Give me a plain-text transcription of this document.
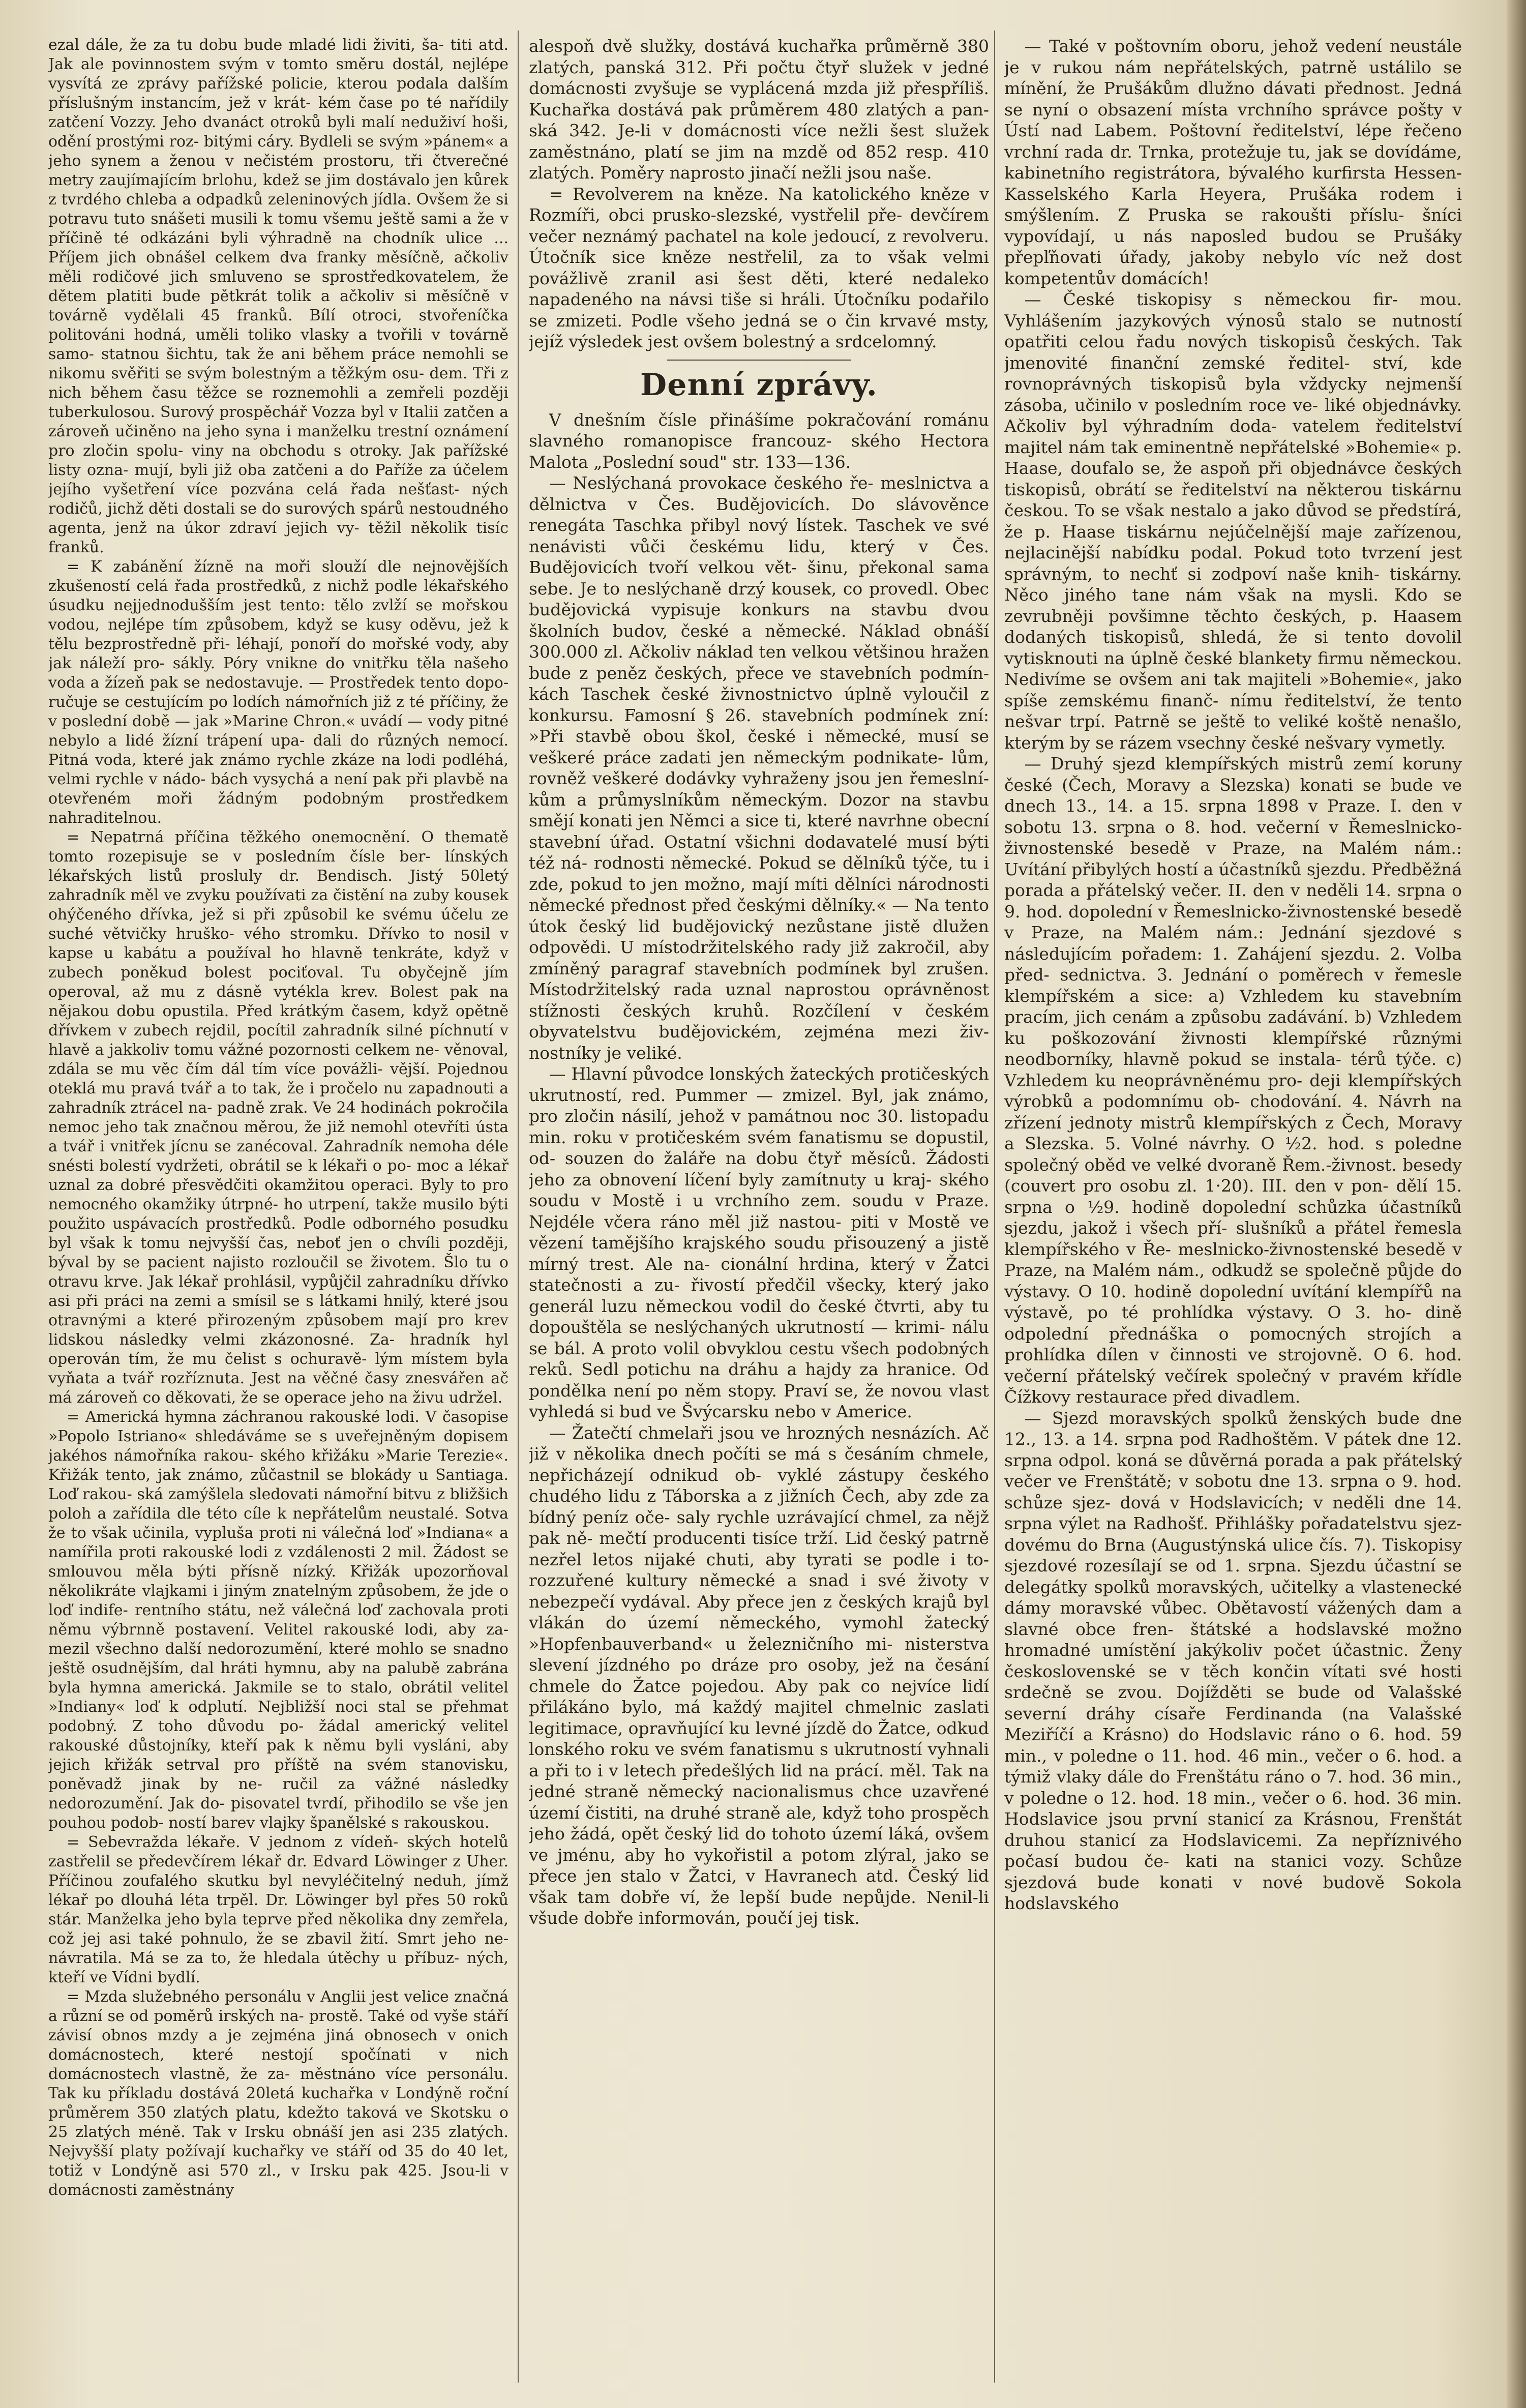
ezal dále, že za tu dobu bude mladé lidi živiti, ša- titi atd. Jak ale povinnostem svým v tomto směru dostál, nejlépe vysvítá ze zprávy pařížské policie, kterou podala dalším příslušným instancím, jež v krát- kém čase po té nařídily zatčení Vozzy. Jeho dvanáct otroků byli malí neduživí hoši, odění prostými roz- bitými cáry. Bydleli se svým »pánem« a jeho synem a ženou v nečistém prostoru, tři čtverečné metry zaujímajícím brlohu, kdež se jim dostávalo jen kůrek z tvrdého chleba a odpadků zeleninových jídla. Ovšem že si potravu tuto snášeti musili k tomu všemu ještě sami a že v příčině té odkázáni byli výhradně na chodník ulice ... Příjem jich obnášel celkem dva franky měsíčně, ačkoliv měli rodičové jich smluveno se sprostředkovatelem, že dětem platiti bude pětkrát tolik a ačkoliv si měsíčně v továrně vydělali 45 franků. Bílí otroci, stvořeníčka politováni hodná, uměli toliko vlasky a tvořili v továrně samo- statnou šichtu, tak že ani během práce nemohli se nikomu svěřiti se svým bolestným a těžkým osu- dem. Tři z nich během času těžce se roznemohli a zemřeli později tuberkulosou. Surový prospěchář Vozza byl v Italii zatčen a zároveň učiněno na jeho syna i manželku trestní oznámení pro zločin spolu- viny na obchodu s otroky. Jak pařížské listy ozna- mují, byli již oba zatčeni a do Paříže za účelem jejího vyšetření více pozvána celá řada nešťast- ných rodičů, jichž děti dostali se do surových spárů nestoudného agenta, jenž na úkor zdraví jejich vy- těžil několik tisíc franků.

= K zabánění žíznĕ na moři slouží dle nejnovějších zkušeností celá řada prostředků, z nichž podle lékařského úsudku nejjednodušším jest tento: tělo zvlží se mořskou vodou, nejlépe tím způsobem, když se kusy oděvu, jež k tělu bezprostředně při- léhají, ponoří do mořské vody, aby jak náleží pro- sákly. Póry vnikne do vnitřku těla našeho voda a žízeň pak se nedostavuje. — Prostředek tento dopo- ručuje se cestujícím po lodích námořních již z té příčiny, že v poslední době — jak »Marine Chron.« uvádí — vody pitné nebylo a lidé žízní trápení upa- dali do různých nemocí. Pitná voda, které jak známo rychle zkáze na lodi podléhá, velmi rychle v nádo- bách vysychá a není pak při plavbě na otevřeném moři žádným podobným prostředkem nahraditelnou.

= Nepatrná příčina těžkého onemocnění. O thematě tomto rozepisuje se v posledním čísle ber- línských lékařských listů prosluly dr. Bendisch. Jistý 50letý zahradník měl ve zvyku používati za čistění na zuby kousek ohýčeného dřívka, jež si při způsobil ke svému účelu ze suché větvičky hruško- vého stromku. Dřívko to nosil v kapse u kabátu a používal ho hlavně tenkráte, když v zubech poněkud bolest pociťoval. Tu obyčejně jím operoval, až mu z dásně vytékla krev. Bolest pak na nějakou dobu opustila. Před krátkým časem, když opětně dřívkem v zubech rejdil, pocítil zahradník silné píchnutí v hlavě a jakkoliv tomu vážné pozornosti celkem ne- věnoval, zdála se mu věc čím dál tím více povážli- vější. Pojednou oteklá mu pravá tvář a to tak, že i pročelo nu zapadnouti a zahradník ztrácel na- padně zrak. Ve 24 hodinách pokročila nemoc jeho tak značnou měrou, že již nemohl otevříti ústa a tvář i vnitřek jícnu se zanécoval. Zahradník nemoha déle snésti bolestí vydržeti, obrátil se k lékaři o po- moc a lékař uznal za dobré přesvědčiti okamžitou operaci. Byly to pro nemocného okamžiky útrpné- ho utrpení, takže musilo býti použito uspávacích prostředků. Podle odborného posudku byl však k tomu nejvyšší čas, neboť jen o chvíli později, býval by se pacient najisto rozloučil se životem. Šlo tu o otravu krve. Jak lékař prohlásil, vypůjčil zahradníku dřívko asi při práci na zemi a smísil se s látkami hnilý, které jsou otravnými a které přirozeným způsobem mají pro krev lidskou následky velmi zkázonosné. Za- hradník hyl operován tím, že mu čelist s ochuravě- lým místem byla vyňata a tvář rozříznuta. Jest na věčné časy znesvářen ač má zároveň co děkovati, že se operace jeho na živu udržel.

= Americká hymna záchranou rakouské lodi. V časopise »Popolo Istriano« shledáváme se s uveřejněným dopisem jakéhos námořníka rakou- ského křižáku »Marie Terezie«. Křižák tento, jak známo, zůčastnil se blokády u Santiaga. Loď rakou- ská zamýšlela sledovati námořní bitvu z bližšich poloh a zařídila dle této cíle k nepřátelům neustalé. Sotva že to však učinila, vypluša proti ni válečná loď »Indiana« a namířila proti rakouské lodi z vzdálenosti 2 mil. Žádost se smlouvou měla býti přísně nízký. Křižák upozorňoval několikráte vlajkami i jiným znatelným způsobem, že jde o loď indife- rentního státu, než válečná loď zachovala proti němu výbrnně postavení. Velitel rakouské lodi, aby za- mezil všechno další nedorozumění, které mohlo se snadno ještě osudnějším, dal hráti hymnu, aby na palubě zabrána byla hymna americká. Jakmile se to stalo, obrátil velitel »Indiany« loď k odplutí. Nejbližší noci stal se přehmat podobný. Z toho důvodu po- žádal americký velitel rakouské důstojníky, kteří pak k němu byli vysláni, aby jejich křižák setrval pro příště na svém stanovisku, poněvadž jinak by ne- ručil za vážné následky nedorozumění. Jak do- pisovatel tvrdí, přihodilo se vše jen pouhou podob- ností barev vlajky španělské s rakouskou.

= Sebevražda lékaře. V jednom z vídeň- ských hotelů zastřelil se předevčírem lékař dr. Edvard Löwinger z Uher. Příčinou zoufalého skutku byl nevyléčitelný neduh, jímž lékař po dlouhá léta trpěl. Dr. Löwinger byl přes 50 roků stár. Manželka jeho byla teprve před několika dny zemřela, což jej asi také pohnulo, že se zbavil žití. Smrt jeho ne- návratila. Má se za to, že hledala útěchy u příbuz- ných, kteří ve Vídni bydlí.

= Mzda služebného personálu v Anglii jest velice značná a různí se od poměrů irských na- prostě. Také od vyše stáří závisí obnos mzdy a je zejména jiná obnosech v onich domácnostech, které nestojí spočínati v nich domácnostech vlastně, že za- městnáno více personálu. Tak ku příkladu dostává 20letá kuchařka v Londýně roční průměrem 350 zlatých platu, kdežto taková ve Skotsku o 25 zlatých méně. Tak v Irsku obnáší jen asi 235 zlatých. Nejvyšší platy požívají kuchařky ve stáří od 35 do 40 let, totiž v Londýně asi 570 zl., v Irsku pak 425. Jsou-li v domácnosti zaměstnány

alespoň dvě služky, dostává kuchařka průměrně 380 zlatých, panská 312. Při počtu čtyř služek v jedné domácnosti zvyšuje se vyplácená mzda již přespříliš. Kuchařka dostává pak průměrem 480 zlatých a pan- ská 342. Je-li v domácnosti více nežli šest služek zaměstnáno, platí se jim na mzdě od 852 resp. 410 zlatých. Poměry naprosto jinačí nežli jsou naše.

= Revolverem na kněze. Na katolického kněze v Rozmíři, obci prusko-slezské, vystřelil pře- devčírem večer neznámý pachatel na kole jedoucí, z revolveru. Útočník sice kněze nestřelil, za to však velmi povážlivě zranil asi šest děti, které nedaleko napadeného na návsi tiše si hráli. Útočníku podařilo se zmizeti. Podle všeho jedná se o čin krvavé msty, jejíž výsledek jest ovšem bolestný a srdcelomný.

Denní zprávy.

V dnešním čísle přinášíme pokračování románu slavného romanopisce francouz- ského Hectora Malota „Poslední soud" str. 133—136.

— Neslýchaná provokace českého ře- meslnictva a dělnictva v Čes. Budějovicích. Do slávověnce renegáta Taschka přibyl nový lístek. Taschek ve své nenávisti vůči českému lidu, který v Čes. Budějovicích tvoří velkou vět- šinu, překonal sama sebe. Je to neslýchaně drzý kousek, co provedl. Obec budějovická vypisuje konkurs na stavbu dvou školních budov, české a německé. Náklad obnáší 300.000 zl. Ačkoliv náklad ten velkou většinou hražen bude z peněz českých, přece ve stavebních podmín- kách Taschek české živnostnictvo úplně vyloučil z konkursu. Famosní § 26. stavebních podmínek zní: »Při stavbě obou škol, české i německé, musí se veškeré práce zadati jen německým podnikate- lům, rovněž veškeré dodávky vyhraženy jsou jen řemeslní- kům a průmyslníkům německým. Dozor na stavbu smějí konati jen Němci a sice ti, které navrhne obecní stavební úřad. Ostatní všichni dodavatelé musí býti též ná- rodnosti německé. Pokud se dělníků týče, tu i zde, pokud to jen možno, mají míti dělníci národnosti německé přednost před českými dělníky.« — Na tento útok český lid budějovický nezůstane jistě dlužen odpovědi. U místodržitelského rady již zakročil, aby zmíněný paragraf stavebních podmínek byl zrušen. Místodržitelský rada uznal naprostou oprávněnost stížnosti českých kruhů. Rozčílení v českém obyvatelstvu budějovickém, zejména mezi živ- nostníky je veliké.

— Hlavní původce lonských žateckých protičeských ukrutností, red. Pummer — zmizel. Byl, jak známo, pro zločin násilí, jehož v památnou noc 30. listopadu min. roku v protičeském svém fanatismu se dopustil, od- souzen do žaláře na dobu čtyř měsíců. Žádosti jeho za obnovení líčení byly zamítnuty u kraj- ského soudu v Mostě i u vrchního zem. soudu v Praze. Nejdéle včera ráno měl již nastou- piti v Mostě ve vězení tamějšího krajského soudu přisouzený a jistě mírný trest. Ale na- cionální hrdina, který v Žatci statečnosti a zu- řivostí předčil všecky, který jako generál luzu německou vodil do české čtvrti, aby tu dopouštěla se neslýchaných ukrutností — krimi- nálu se bál. A proto volil obvyklou cestu všech podobných reků. Sedl potichu na dráhu a hajdy za hranice. Od pondělka není po něm stopy. Praví se, že novou vlast vyhledá si bud ve Švýcarsku nebo v Americe.

— Žatečtí chmelaři jsou ve hrozných nesnázích. Ač již v několika dnech počíti se má s česáním chmele, nepřicházejí odnikud ob- vyklé zástupy českého chudého lidu z Táborska a z jižních Čech, aby zde za bídný peníz oče- saly rychle uzrávající chmel, za nějž pak ně- mečtí producenti tisíce trží. Lid český patrně nezřel letos nijaké chuti, aby tyrati se podle i to- rozzuřené kultury německé a snad i své životy v nebezpečí vydával. Aby přece jen z českých krajů byl vlákán do území německého, vymohl žatecký »Hopfenbauverband« u železničního mi- nisterstva slevení jízdného po dráze pro osoby, jež na česání chmele do Žatce pojedou. Aby pak co nejvíce lidí přilákáno bylo, má každý majitel chmelnic zaslati legitimace, opravňující ku levné jízdě do Žatce, odkud lonského roku ve svém fanatismu s ukrutností vyhnali a při to i v letech předešlých lid na prácí. měl. Tak na jedné straně německý nacionalismus chce uzavřené území čistiti, na druhé straně ale, když toho prospěch jeho žádá, opět český lid do tohoto území láká, ovšem ve jménu, aby ho vykořistil a potom zlýral, jako se přece jen stalo v Žatci, v Havranech atd. Český lid však tam dobře ví, že lepší bude nepůjde. Nenil-li všude dobře informován, poučí jej tisk.

— Také v poštovním oboru, jehož vedení neustále je v rukou nám nepřátelských, patrně ustálilo se mínění, že Prušákům dlužno dávati přednost. Jedná se nyní o obsazení místa vrchního správce pošty v Ústí nad Labem. Poštovní ředitelství, lépe řečeno vrchní rada dr. Trnka, protežuje tu, jak se dovídáme, kabinetního registrátora, bývalého kurfirsta Hessen- Kasselského Karla Heyera, Prušáka rodem i smýšlením. Z Pruska se rakoušti příslu- šníci vypovídají, u nás naposled budou se Prušáky přepľňovati úřady, jakoby nebylo víc než dost kompetentův domácích!

— České tiskopisy s německou fir- mou. Vyhlášením jazykových výnosů stalo se nutností opatřiti celou řadu nových tiskopisů českých. Tak jmenovité finanční zemské ředitel- ství, kde rovnoprávných tiskopisů byla vždycky nejmenší zásoba, učinilo v posledním roce ve- liké objednávky. Ačkoliv byl výhradním doda- vatelem ředitelství majitel nám tak eminentně nepřátelské »Bohemie« p. Haase, doufalo se, že aspoň při objednávce českých tiskopisů, obrátí se ředitelství na některou tiskárnu českou. To se však nestalo a jako důvod se předstírá, že p. Haase tiskárnu nejúčelnější maje zařízenou, nejlacinější nabídku podal. Pokud toto tvrzení jest správným, to nechť si zodpoví naše knih- tiskárny. Něco jiného tane nám však na mysli. Kdo se zevrubněji povšimne těchto českých, p. Haasem dodaných tiskopisů, shledá, že si tento dovolil vytisknouti na úplně české blankety firmu německou. Nedivíme se ovšem ani tak majiteli »Bohemie«, jako spíše zemskému finanč- nímu ředitelství, že tento nešvar trpí. Patrně se ještě to veliké koště nenašlo, kterým by se rázem vsechny české nešvary vymetly.

— Druhý sjezd klempířských mistrů zemí koruny české (Čech, Moravy a Slezska) konati se bude ve dnech 13., 14. a 15. srpna 1898 v Praze. I. den v sobotu 13. srpna o 8. hod. večerní v Řemeslnicko- živnostenské besedě v Praze, na Malém nám.: Uvítání přibylých hostí a účastníků sjezdu. Předběžná porada a přátelský večer. II. den v neděli 14. srpna o 9. hod. dopolední v Řemeslnicko-živnostenské besedě v Praze, na Malém nám.: Jednání sjezdové s následujícím pořadem: 1. Zahájení sjezdu. 2. Volba před- sednictva. 3. Jednání o poměrech v řemesle klempířském a sice: a) Vzhledem ku stavebním pracím, jich cenám a způsobu zadávání. b) Vzhledem ku poškozování živnosti klempířské různými neodborníky, hlavně pokud se instala- térů týče. c) Vzhledem ku neoprávněnému pro- deji klempířských výrobků a podomnímu ob- chodování. 4. Návrh na zřízení jednoty mistrů klempířských z Čech, Moravy a Slezska. 5. Volné návrhy. O ½2. hod. s poledne společný oběd ve velké dvoraně Řem.-živnost. besedy (couvert pro osobu zl. 1·20). III. den v pon- dělí 15. srpna o ½9. hodině dopolední schůzka účastníků sjezdu, jakož i všech pří- slušníků a přátel řemesla klempířského v Ře- meslnicko-živnostenské besedě v Praze, na Malém nám., odkudž se společně půjde do výstavy. O 10. hodině dopolední uvítání klempířů na výstavě, po té prohlídka výstavy. O 3. ho- dině odpolední přednáška o pomocných strojích a prohlídka dílen v činnosti ve strojovně. O 6. hod. večerní přátelský večírek společný v pravém křídle Čížkovy restaurace před divadlem.

— Sjezd moravských spolků ženských bude dne 12., 13. a 14. srpna pod Radhoštěm. V pátek dne 12. srpna odpol. koná se důvěrná porada a pak přátelský večer ve Frenštátě; v sobotu dne 13. srpna o 9. hod. schůze sjez- dová v Hodslavicích; v neděli dne 14. srpna výlet na Radhošť. Přihlášky pořadatelstvu sjez- dovému do Brna (Augustýnská ulice čís. 7). Tiskopisy sjezdové rozesílají se od 1. srpna. Sjezdu účastní se delegátky spolků moravských, učitelky a vlastenecké dámy moravské vůbec. Obětavostí vážených dam a slavné obce fren- štátské a hodslavské možno hromadné umístění jakýkoliv počet účastnic. Ženy československé se v těch končin vítati své hosti srdečně se zvou. Dojížděti se bude od Valašské severní dráhy císaře Ferdinanda (na Valašské Meziříčí a Krásno) do Hodslavic ráno o 6. hod. 59 min., v poledne o 11. hod. 46 min., večer o 6. hod. a týmiž vlaky dále do Frenštátu ráno o 7. hod. 36 min., v poledne o 12. hod. 18 min., večer o 6. hod. 36 min. Hodslavice jsou první stanicí za Krásnou, Frenštát druhou stanicí za Hodslavicemi. Za nepříznivého počasí budou če- kati na stanici vozy. Schůze sjezdová bude konati v nové budově Sokola hodslavského
